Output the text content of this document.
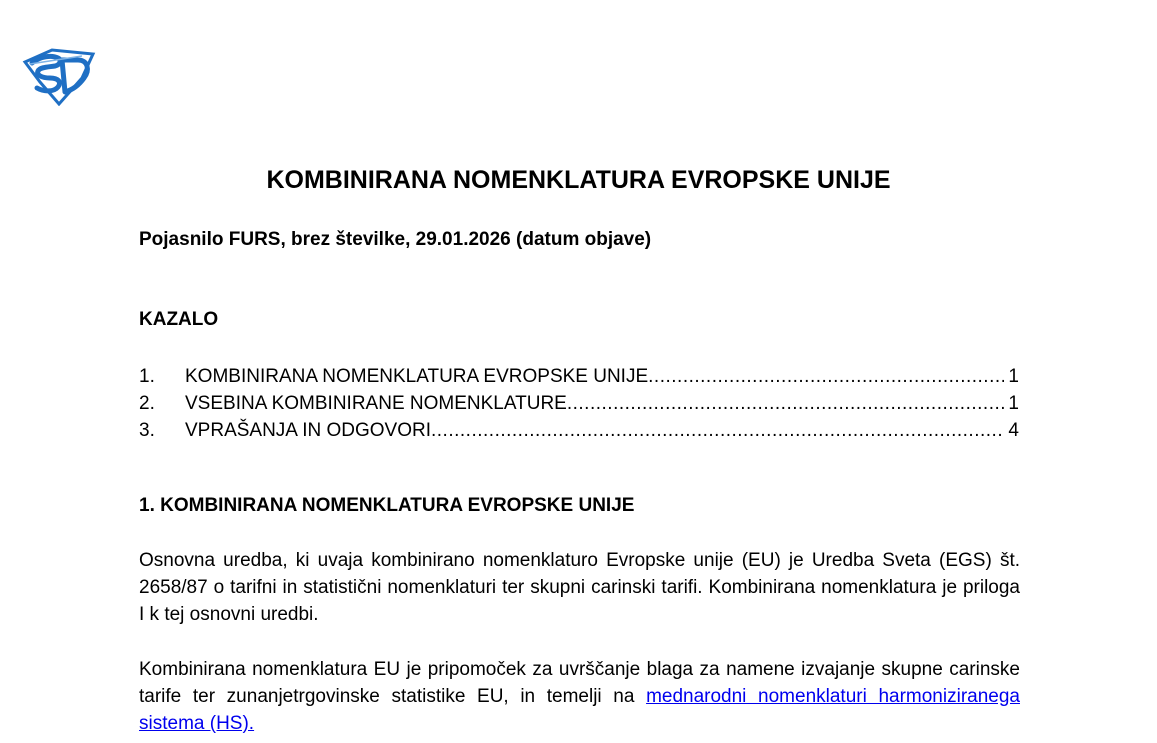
KOMBINIRANA NOMENKLATURA EVROPSKE UNIJE

Pojasnilo FURS, brez številke, 29.01.2026 (datum objave)

KAZALO

1.	KOMBINIRANA NOMENKLATURA EVROPSKE UNIJE .....	1
2.	VSEBINA KOMBINIRANE NOMENKLATURE .....	1
3.	VPRAŠANJA IN ODGOVORI .....	4

1. KOMBINIRANA NOMENKLATURA EVROPSKE UNIJE

Osnovna uredba, ki uvaja kombinirano nomenklaturo Evropske unije (EU) je Uredba Sveta (EGS) št. 2658/87 o tarifni in statistični nomenklaturi ter skupni carinski tarifi. Kombinirana nomenklatura je priloga I k tej osnovni uredbi.

Kombinirana nomenklatura EU je pripomoček za uvrščanje blaga za namene izvajanje skupne carinske tarife ter zunanjetrgovinske statistike EU, in temelji na mednarodni nomenklaturi harmoniziranega sistema (HS).
